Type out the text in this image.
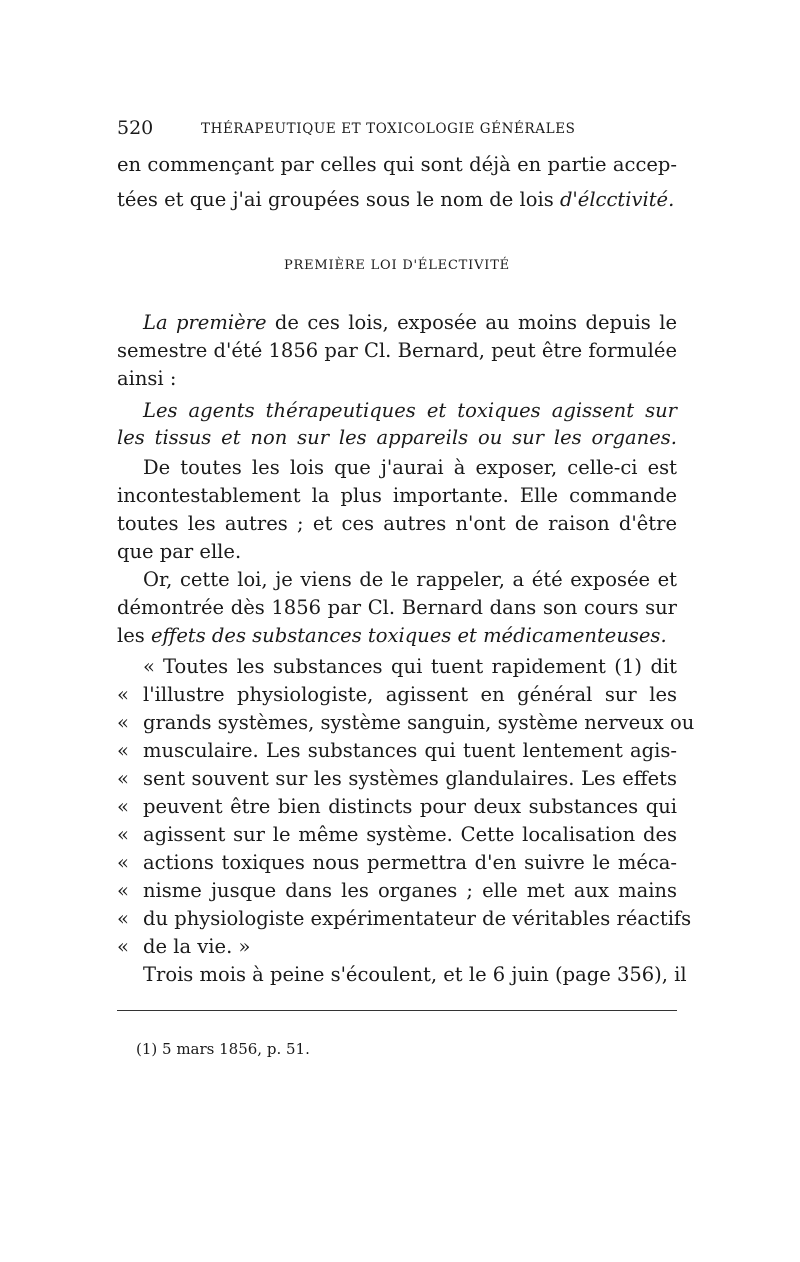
520	THÉRAPEUTIQUE ET TOXICOLOGIE GÉNÉRALES
en commençant par celles qui sont déjà en partie accep-
tées et que j'ai groupées sous le nom de lois d'élcctivité.
PREMIÈRE LOI D'ÉLECTIVITÉ
La première de ces lois, exposée au moins depuis le
semestre d'été 1856 par Cl. Bernard, peut être formulée
ainsi :
Les agents thérapeutiques et toxiques agissent sur
les tissus et non sur les appareils ou sur les organes.
De toutes les lois que j'aurai à exposer, celle-ci est
incontestablement la plus importante. Elle commande
toutes les autres ; et ces autres n'ont de raison d'être
que par elle.
Or, cette loi, je viens de le rappeler, a été exposée et
démontrée dès 1856 par Cl. Bernard dans son cours sur
les effets des substances toxiques et médicamenteuses.
« Toutes les substances qui tuent rapidement (1) dit
« l'illustre physiologiste, agissent en général sur les
« grands systèmes, système sanguin, système nerveux ou
« musculaire. Les substances qui tuent lentement agis-
« sent souvent sur les systèmes glandulaires. Les effets
« peuvent être bien distincts pour deux substances qui
« agissent sur le même système. Cette localisation des
« actions toxiques nous permettra d'en suivre le méca-
« nisme jusque dans les organes ; elle met aux mains
« du physiologiste expérimentateur de véritables réactifs
« de la vie. »
Trois mois à peine s'écoulent, et le 6 juin (page 356), il
(1) 5 mars 1856, p. 51.
